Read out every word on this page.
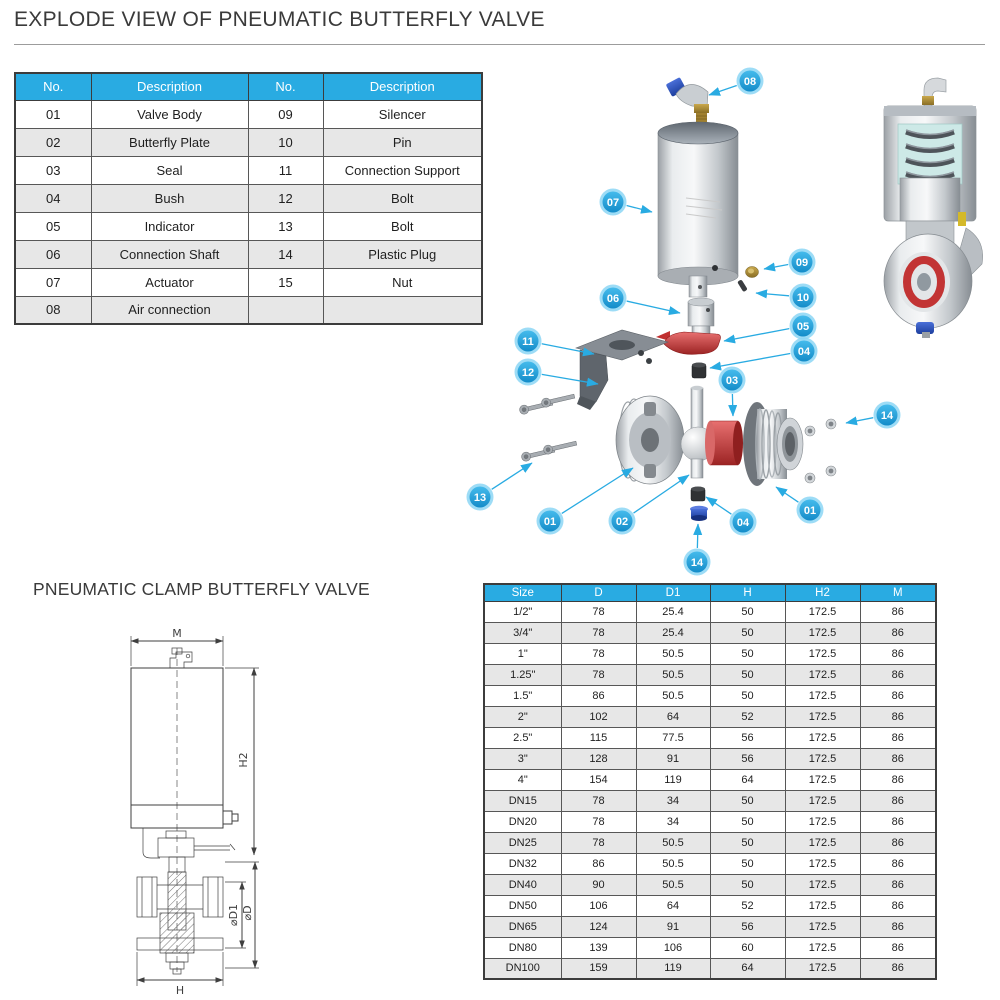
EXPLODE VIEW OF PNEUMATIC BUTTERFLY VALVE
No.	Description	No.	Description
01	Valve Body	09	Silencer
02	Butterfly Plate	10	Pin
03	Seal	11	Connection Support
04	Bush	12	Bolt
05	Indicator	13	Bolt
06	Connection Shaft	14	Plastic Plug
07	Actuator	15	Nut
08	Air connection		
08
07
09
10
06
05
04
11
12
03
14
13
01	02	04
01
14
PNEUMATIC CLAMP BUTTERFLY VALVE
M
H2
⌀D1 ⌀D
H
Size	D	D1	H	H2	M
1/2"	78	25.4	50	172.5	86
3/4"	78	25.4	50	172.5	86
1"	78	50.5	50	172.5	86
1.25"	78	50.5	50	172.5	86
1.5"	86	50.5	50	172.5	86
2"	102	64	52	172.5	86
2.5"	115	77.5	56	172.5	86
3"	128	91	56	172.5	86
4"	154	119	64	172.5	86
DN15	78	34	50	172.5	86
DN20	78	34	50	172.5	86
DN25	78	50.5	50	172.5	86
DN32	86	50.5	50	172.5	86
DN40	90	50.5	50	172.5	86
DN50	106	64	52	172.5	86
DN65	124	91	56	172.5	86
DN80	139	106	60	172.5	86
DN100	159	119	64	172.5	86
